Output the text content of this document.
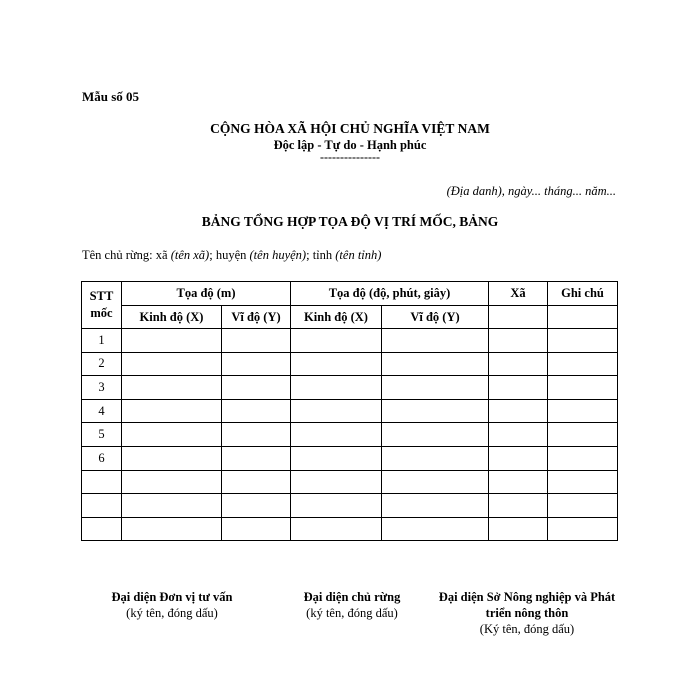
Mẫu số 05
CỘNG HÒA XÃ HỘI CHỦ NGHĨA VIỆT NAM
Độc lập - Tự do - Hạnh phúc
---------------
(Địa danh), ngày... tháng... năm...
BẢNG TỔNG HỢP TỌA ĐỘ VỊ TRÍ MỐC, BẢNG
Tên chủ rừng: xã (tên xã); huyện (tên huyện); tỉnh (tên tỉnh)
STT mốc	Tọa độ (m)		Tọa độ (độ, phút, giây)		Xã	Ghi chú
	Kinh độ (X)	Vĩ độ (Y)	Kinh độ (X)	Vĩ độ (Y)		
1						
2						
3						
4						
5						
6						

Đại diện Đơn vị tư vấn
(ký tên, đóng dấu)
Đại diện chủ rừng
(ký tên, đóng dấu)
Đại diện Sở Nông nghiệp và Phát triển nông thôn
(Ký tên, đóng dấu)
